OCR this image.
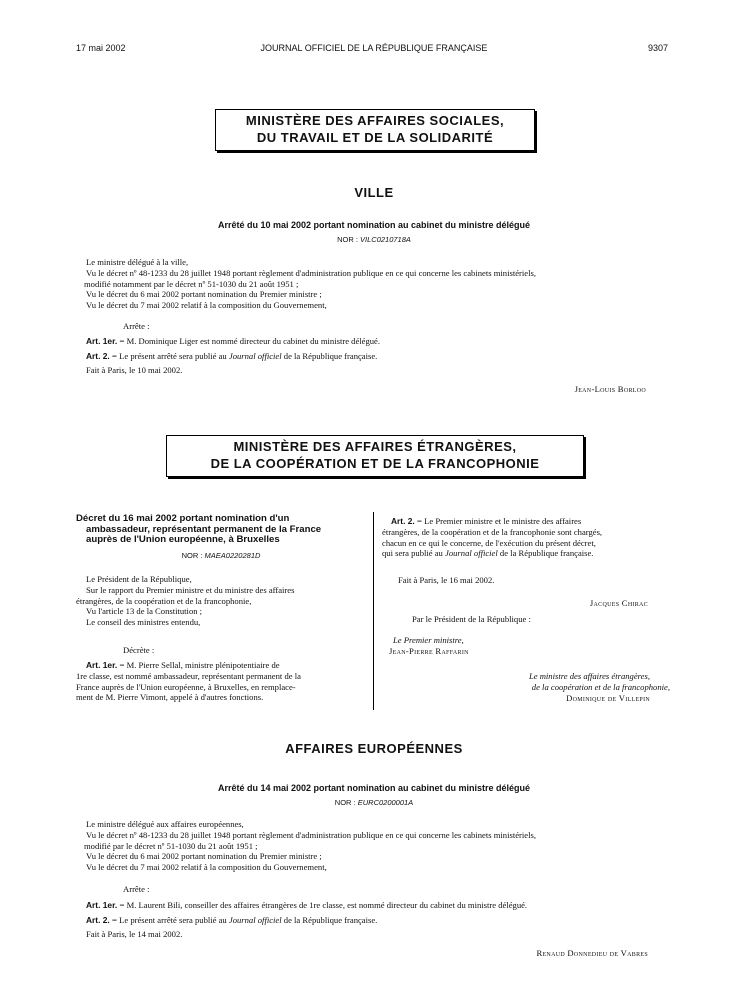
17 mai 2002	JOURNAL OFFICIEL DE LA RÉPUBLIQUE FRANÇAISE	9307
MINISTÈRE DES AFFAIRES SOCIALES,
DU TRAVAIL ET DE LA SOLIDARITÉ
VILLE
Arrêté du 10 mai 2002 portant nomination au cabinet du ministre délégué
NOR : VILC0210718A

Le ministre délégué à la ville,

Vu le décret nº 48-1233 du 28 juillet 1948 portant règlement d'administration publique en ce qui concerne les cabinets ministériels,

modifié notamment par le décret nº 51-1030 du 21 août 1951 ;

Vu le décret du 6 mai 2002 portant nomination du Premier ministre ;

Vu le décret du 7 mai 2002 relatif à la composition du Gouvernement,

Arrête :

Art. 1er. − M. Dominique Liger est nommé directeur du cabinet du ministre délégué.

Art. 2. − Le présent arrêté sera publié au Journal officiel de la République française.

Fait à Paris, le 10 mai 2002.

Jean-Louis Borloo
MINISTÈRE DES AFFAIRES ÉTRANGÈRES,
DE LA COOPÉRATION ET DE LA FRANCOPHONIE
Décret du 16 mai 2002 portant nomination d'un
ambassadeur, représentant permanent de la France
auprès de l'Union européenne, à Bruxelles
NOR : MAEA0220281D

Le Président de la République,

Sur le rapport du Premier ministre et du ministre des affaires

étrangères, de la coopération et de la francophonie,

Vu l'article 13 de la Constitution ;

Le conseil des ministres entendu,

Décrète :

Art. 1er. − M. Pierre Sellal, ministre plénipotentiaire de

1re classe, est nommé ambassadeur, représentant permanent de la

France auprès de l'Union européenne, à Bruxelles, en remplace-

ment de M. Pierre Vimont, appelé à d'autres fonctions.

Art. 2. − Le Premier ministre et le ministre des affaires

étrangères, de la coopération et de la francophonie sont chargés,

chacun en ce qui le concerne, de l'exécution du présent décret,

qui sera publié au Journal officiel de la République française.

Fait à Paris, le 16 mai 2002.

Jacques Chirac

Par le Président de la République :

Le Premier ministre,

Jean-Pierre Raffarin

Le ministre des affaires étrangères,

de la coopération et de la francophonie,

Dominique de Villepin

AFFAIRES EUROPÉENNES
Arrêté du 14 mai 2002 portant nomination au cabinet du ministre délégué
NOR : EURC0200001A

Le ministre délégué aux affaires européennes,

Vu le décret nº 48-1233 du 28 juillet 1948 portant règlement d'administration publique en ce qui concerne les cabinets ministériels,

modifié par le décret nº 51-1030 du 21 août 1951 ;

Vu le décret du 6 mai 2002 portant nomination du Premier ministre ;

Vu le décret du 7 mai 2002 relatif à la composition du Gouvernement,

Arrête :

Art. 1er. − M. Laurent Bili, conseiller des affaires étrangères de 1re classe, est nommé directeur du cabinet du ministre délégué.

Art. 2. − Le présent arrêté sera publié au Journal officiel de la République française.

Fait à Paris, le 14 mai 2002.

Renaud Donnedieu de Vabres
